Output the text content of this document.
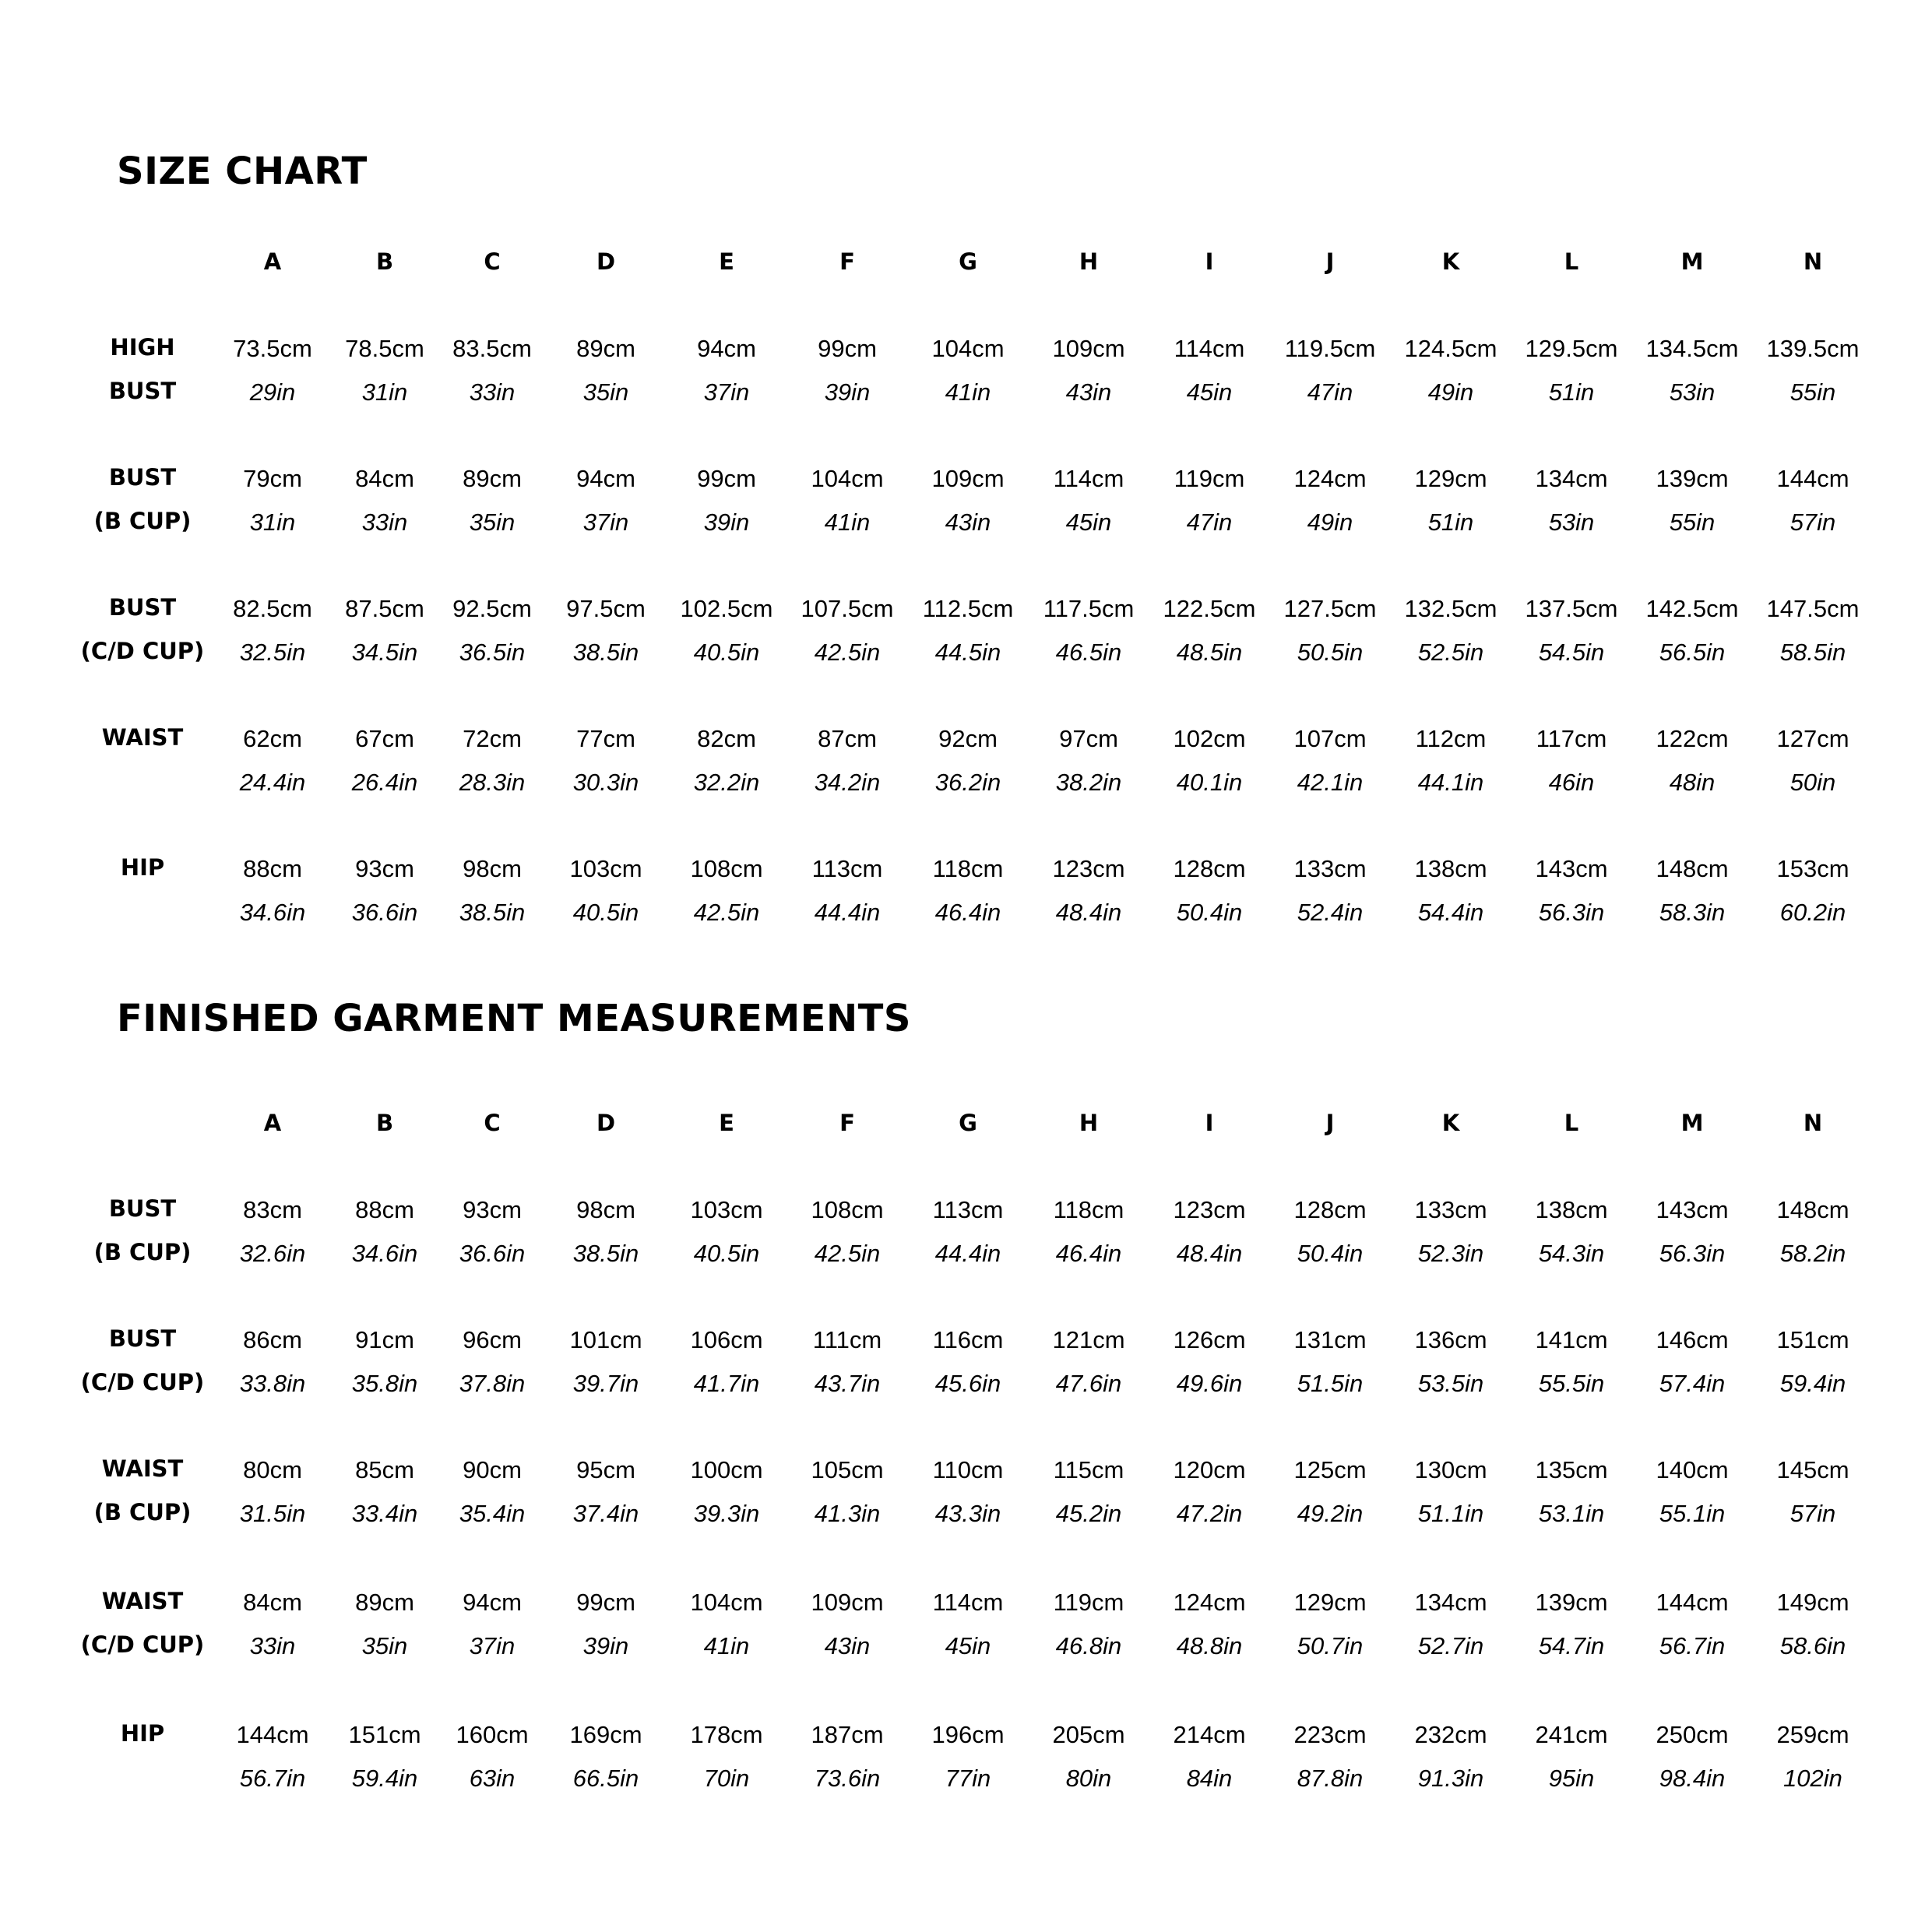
SIZE CHART
A	B	C	D	E	F	G	H	I	J	K	L	M	N
HIGH
BUST
73.5cm	78.5cm	83.5cm	89cm	94cm	99cm	104cm	109cm	114cm	119.5cm	124.5cm	129.5cm	134.5cm	139.5cm
29in	31in	33in	35in	37in	39in	41in	43in	45in	47in	49in	51in	53in	55in
BUST
(B CUP)
79cm	84cm	89cm	94cm	99cm	104cm	109cm	114cm	119cm	124cm	129cm	134cm	139cm	144cm
31in	33in	35in	37in	39in	41in	43in	45in	47in	49in	51in	53in	55in	57in
BUST
(C/D CUP)
82.5cm	87.5cm	92.5cm	97.5cm	102.5cm	107.5cm	112.5cm	117.5cm	122.5cm	127.5cm	132.5cm	137.5cm	142.5cm	147.5cm
32.5in	34.5in	36.5in	38.5in	40.5in	42.5in	44.5in	46.5in	48.5in	50.5in	52.5in	54.5in	56.5in	58.5in
WAIST	62cm	67cm	72cm	77cm	82cm	87cm	92cm	97cm	102cm	107cm	112cm	117cm	122cm	127cm
24.4in	26.4in	28.3in	30.3in	32.2in	34.2in	36.2in	38.2in	40.1in	42.1in	44.1in	46in	48in	50in
HIP	88cm	93cm	98cm	103cm	108cm	113cm	118cm	123cm	128cm	133cm	138cm	143cm	148cm	153cm
34.6in	36.6in	38.5in	40.5in	42.5in	44.4in	46.4in	48.4in	50.4in	52.4in	54.4in	56.3in	58.3in	60.2in
FINISHED GARMENT MEASUREMENTS
A	B	C	D	E	F	G	H	I	J	K	L	M	N
BUST
(B CUP)
83cm	88cm	93cm	98cm	103cm	108cm	113cm	118cm	123cm	128cm	133cm	138cm	143cm	148cm
32.6in	34.6in	36.6in	38.5in	40.5in	42.5in	44.4in	46.4in	48.4in	50.4in	52.3in	54.3in	56.3in	58.2in
BUST
(C/D CUP)
86cm	91cm	96cm	101cm	106cm	111cm	116cm	121cm	126cm	131cm	136cm	141cm	146cm	151cm
33.8in	35.8in	37.8in	39.7in	41.7in	43.7in	45.6in	47.6in	49.6in	51.5in	53.5in	55.5in	57.4in	59.4in
WAIST
(B CUP)
80cm	85cm	90cm	95cm	100cm	105cm	110cm	115cm	120cm	125cm	130cm	135cm	140cm	145cm
31.5in	33.4in	35.4in	37.4in	39.3in	41.3in	43.3in	45.2in	47.2in	49.2in	51.1in	53.1in	55.1in	57in
WAIST
(C/D CUP)
84cm	89cm	94cm	99cm	104cm	109cm	114cm	119cm	124cm	129cm	134cm	139cm	144cm	149cm
33in	35in	37in	39in	41in	43in	45in	46.8in	48.8in	50.7in	52.7in	54.7in	56.7in	58.6in
HIP	144cm	151cm	160cm	169cm	178cm	187cm	196cm	205cm	214cm	223cm	232cm	241cm	250cm	259cm
56.7in	59.4in	63in	66.5in	70in	73.6in	77in	80in	84in	87.8in	91.3in	95in	98.4in	102in
